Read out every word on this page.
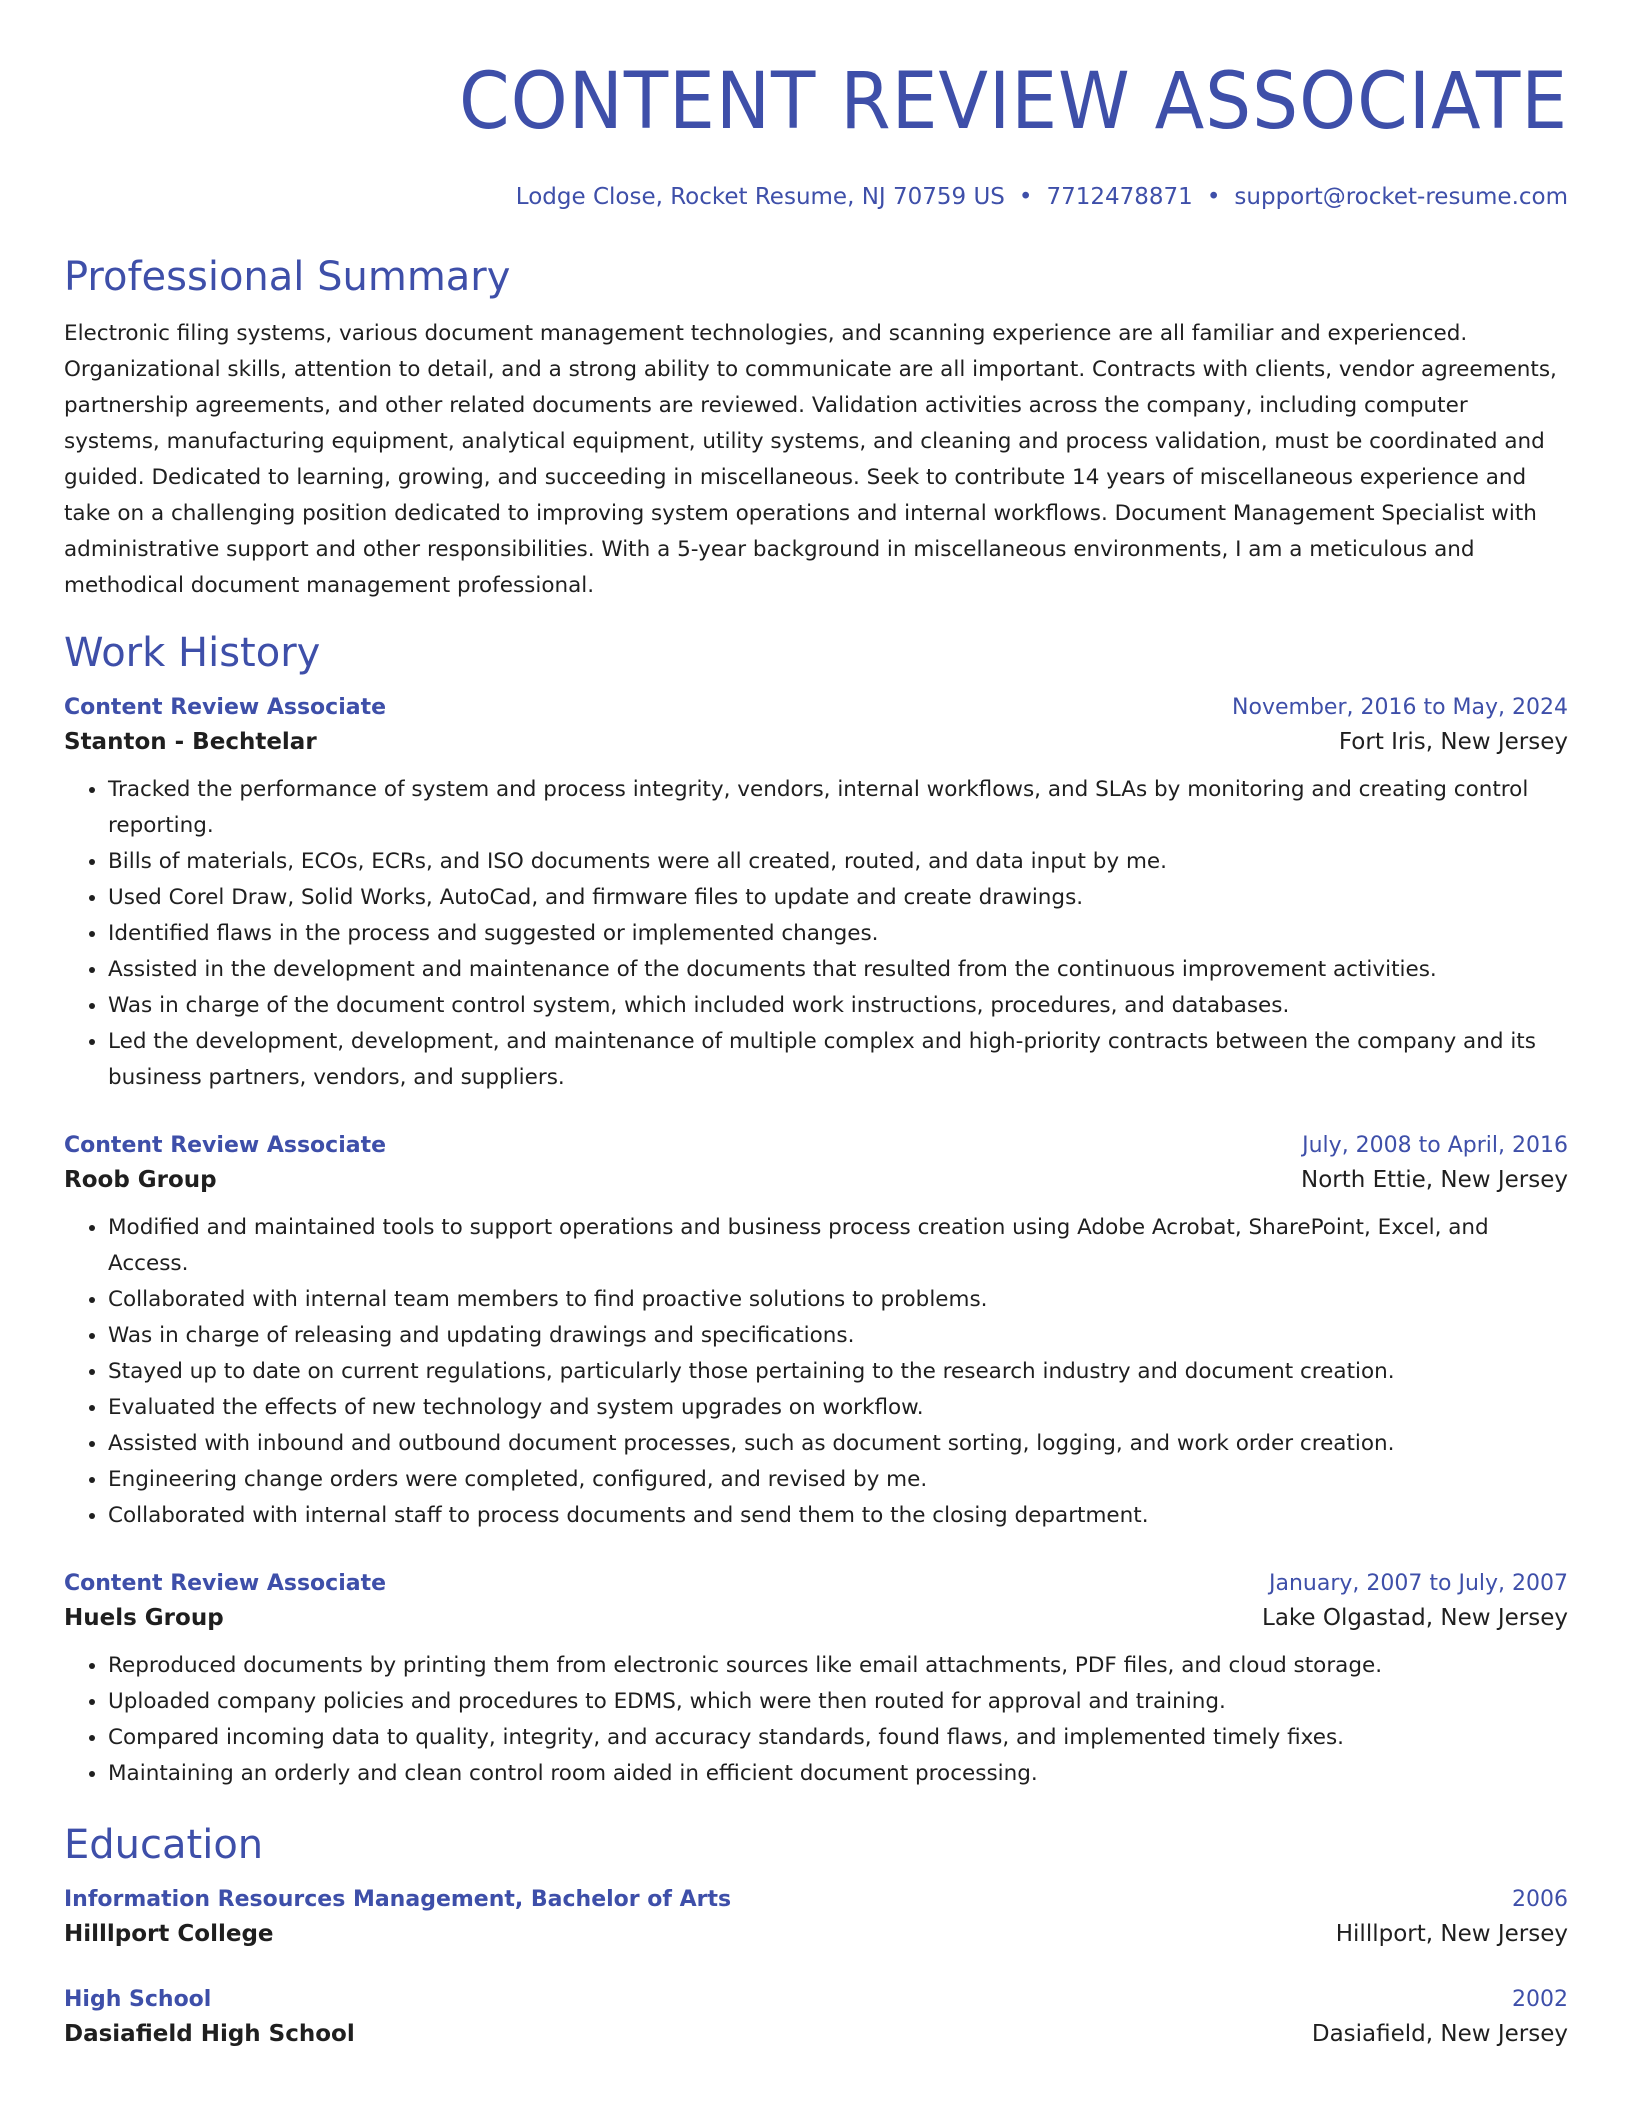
CONTENT REVIEW ASSOCIATE
Lodge Close, Rocket Resume, NJ 70759 US • 7712478871 • support@rocket-resume.com
Professional Summary

Electronic filing systems, various document management technologies, and scanning experience are all familiar and experienced. Organizational skills, attention to detail, and a strong ability to communicate are all important. Contracts with clients, vendor agreements, partnership agreements, and other related documents are reviewed. Validation activities across the company, including computer systems, manufacturing equipment, analytical equipment, utility systems, and cleaning and process validation, must be coordinated and guided. Dedicated to learning, growing, and succeeding in miscellaneous. Seek to contribute 14 years of miscellaneous experience and take on a challenging position dedicated to improving system operations and internal workflows. Document Management Specialist with administrative support and other responsibilities. With a 5-year background in miscellaneous environments, I am a meticulous and methodical document management professional.

Work History
Content Review Associate	November, 2016 to May, 2024
Stanton - Bechtelar	Fort Iris, New Jersey
• Tracked the performance of system and process integrity, vendors, internal workflows, and SLAs by monitoring and creating control reporting.
• Bills of materials, ECOs, ECRs, and ISO documents were all created, routed, and data input by me.
• Used Corel Draw, Solid Works, AutoCad, and firmware files to update and create drawings.
• Identified flaws in the process and suggested or implemented changes.
• Assisted in the development and maintenance of the documents that resulted from the continuous improvement activities.
• Was in charge of the document control system, which included work instructions, procedures, and databases.
• Led the development, development, and maintenance of multiple complex and high-priority contracts between the company and its business partners, vendors, and suppliers.
Content Review Associate	July, 2008 to April, 2016
Roob Group	North Ettie, New Jersey
• Modified and maintained tools to support operations and business process creation using Adobe Acrobat, SharePoint, Excel, and Access.
• Collaborated with internal team members to find proactive solutions to problems.
• Was in charge of releasing and updating drawings and specifications.
• Stayed up to date on current regulations, particularly those pertaining to the research industry and document creation.
• Evaluated the effects of new technology and system upgrades on workflow.
• Assisted with inbound and outbound document processes, such as document sorting, logging, and work order creation.
• Engineering change orders were completed, configured, and revised by me.
• Collaborated with internal staff to process documents and send them to the closing department.
Content Review Associate	January, 2007 to July, 2007
Huels Group	Lake Olgastad, New Jersey
• Reproduced documents by printing them from electronic sources like email attachments, PDF files, and cloud storage.
• Uploaded company policies and procedures to EDMS, which were then routed for approval and training.
• Compared incoming data to quality, integrity, and accuracy standards, found flaws, and implemented timely fixes.
• Maintaining an orderly and clean control room aided in efficient document processing.
Education
Information Resources Management, Bachelor of Arts	2006
Hilllport College	Hilllport, New Jersey
High School	2002
Dasiafield High School	Dasiafield, New Jersey
